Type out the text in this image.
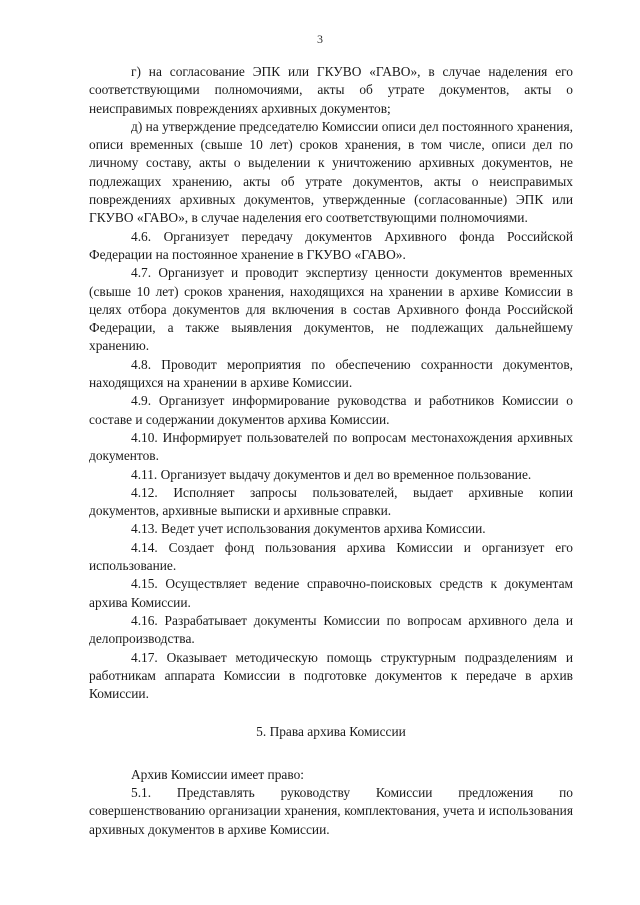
3

г) на согласование ЭПК или ГКУВО «ГАВО», в случае наделения его соответствующими полномочиями, акты об утрате документов, акты о неисправимых повреждениях архивных документов;

д) на утверждение председателю Комиссии описи дел постоянного хранения, описи временных (свыше 10 лет) сроков хранения, в том числе, описи дел по личному составу, акты о выделении к уничтожению архивных документов, не подлежащих хранению, акты об утрате документов, акты о неисправимых повреждениях архивных документов, утвержденные (согласованные) ЭПК или ГКУВО «ГАВО», в случае наделения его соответствующими полномочиями.

4.6. Организует передачу документов Архивного фонда Российской Федерации на постоянное хранение в ГКУВО «ГАВО».

4.7. Организует и проводит экспертизу ценности документов временных (свыше 10 лет) сроков хранения, находящихся на хранении в архиве Комиссии в целях отбора документов для включения в состав Архивного фонда Российской Федерации, а также выявления документов, не подлежащих дальнейшему хранению.

4.8. Проводит мероприятия по обеспечению сохранности документов, находящихся на хранении в архиве Комиссии.

4.9. Организует информирование руководства и работников Комиссии о составе и содержании документов архива Комиссии.

4.10. Информирует пользователей по вопросам местонахождения архивных документов.

4.11. Организует выдачу документов и дел во временное пользование.

4.12. Исполняет запросы пользователей, выдает архивные копии документов, архивные выписки и архивные справки.

4.13. Ведет учет использования документов архива Комиссии.

4.14. Создает фонд пользования архива Комиссии и организует его использование.

4.15. Осуществляет ведение справочно-поисковых средств к документам архива Комиссии.

4.16. Разрабатывает документы Комиссии по вопросам архивного дела и делопроизводства.

4.17. Оказывает методическую помощь структурным подразделениям и работникам аппарата Комиссии в подготовке документов к передаче в архив Комиссии.

5. Права архива Комиссии

Архив Комиссии имеет право:

5.1. Представлять руководству Комиссии предложения по совершенствованию организации хранения, комплектования, учета и использования архивных документов в архиве Комиссии.
